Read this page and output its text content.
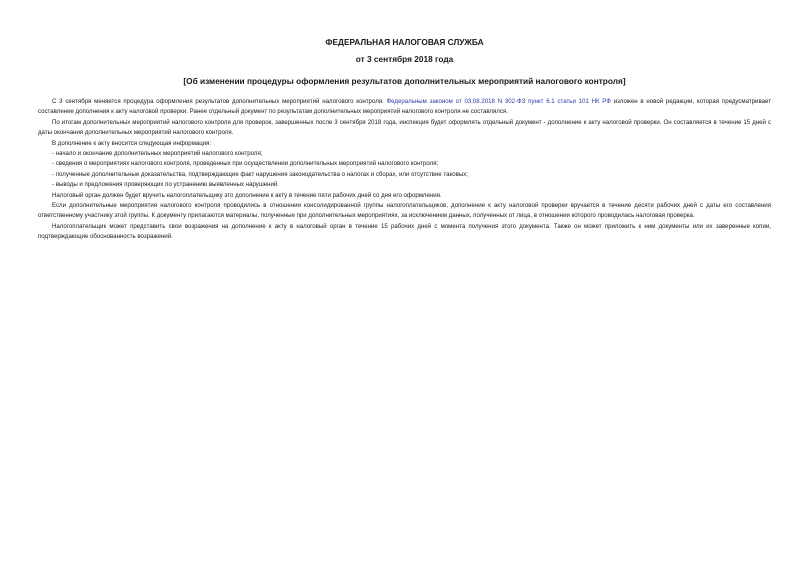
ФЕДЕРАЛЬНАЯ НАЛОГОВАЯ СЛУЖБА
от 3 сентября 2018 года
[Об изменении процедуры оформления результатов дополнительных мероприятий налогового контроля]

С 3 сентября меняется процедура оформления результатов дополнительных мероприятий налогового контроля. Федеральным законом от 03.08.2018 N 302-ФЗ пункт 6.1 статьи 101 НК РФ изложен в новой редакции, которая предусматривает составление дополнения к акту налоговой проверки. Ранее отдельный документ по результатам дополнительных мероприятий налогового контроля не составлялся.

По итогам дополнительных мероприятий налогового контроля для проверок, завершенных после 3 сентября 2018 года, инспекция будет оформлять отдельный документ - дополнение к акту налоговой проверки. Он составляется в течение 15 дней с даты окончания дополнительных мероприятий налогового контроля.

В дополнение к акту вносится следующая информация:

- начало и окончание дополнительных мероприятий налогового контроля;

- сведения о мероприятиях налогового контроля, проведенных при осуществлении дополнительных мероприятий налогового контроля;

- полученные дополнительные доказательства, подтверждающие факт нарушения законодательства о налогах и сборах, или отсутствие таковых;

- выводы и предложения проверяющих по устранению выявленных нарушений.

Налоговый орган должен будет вручить налогоплательщику это дополнение к акту в течение пяти рабочих дней со дня его оформления.

Если дополнительные мероприятия налогового контроля проводились в отношении консолидированной группы налогоплательщиков, дополнение к акту налоговой проверки вручается в течение десяти рабочих дней с даты его составления ответственному участнику этой группы. К документу прилагаются материалы, полученные при дополнительных мероприятиях, за исключением данных, полученных от лица, в отношении которого проводилась налоговая проверка.

Налогоплательщик может представить свои возражения на дополнение к акту в налоговый орган в течение 15 рабочих дней с момента получения этого документа. Также он может приложить к ним документы или их заверенные копии, подтверждающие обоснованность возражений.
